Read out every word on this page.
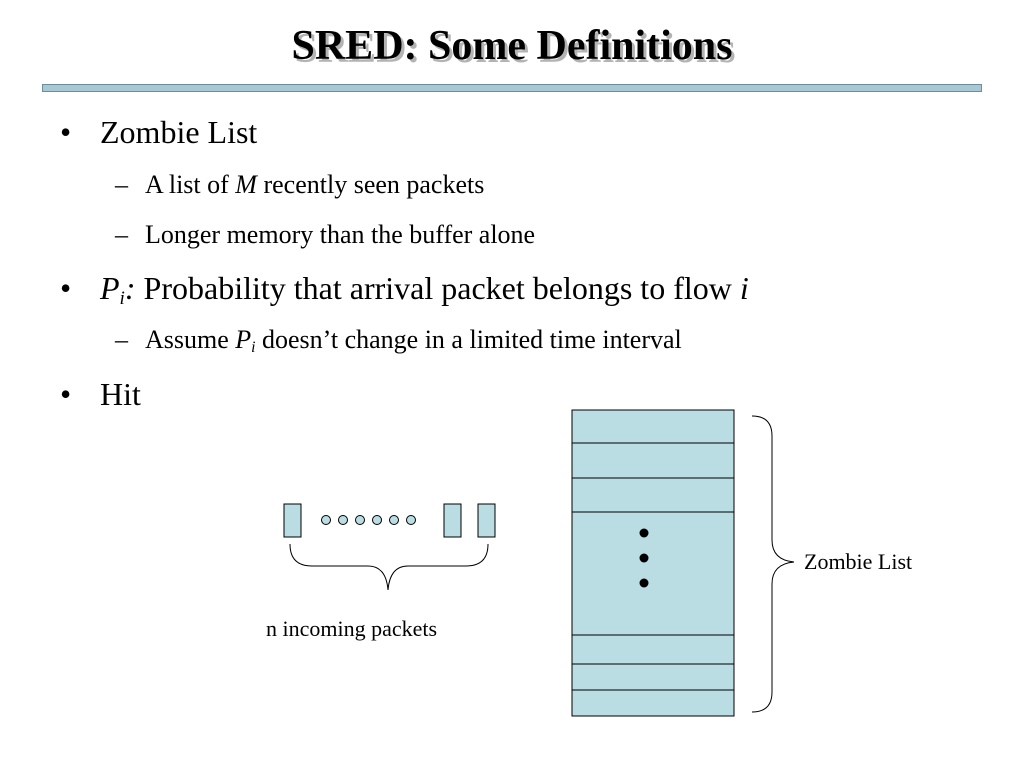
SRED: Some Definitions
• Zombie List
– A list of M recently seen packets
– Longer memory than the buffer alone
• $P_i$: Probability that arrival packet belongs to flow i
– Assume $P_i$ doesn’t change in a limited time interval
• Hit
n incoming packets
Zombie List
